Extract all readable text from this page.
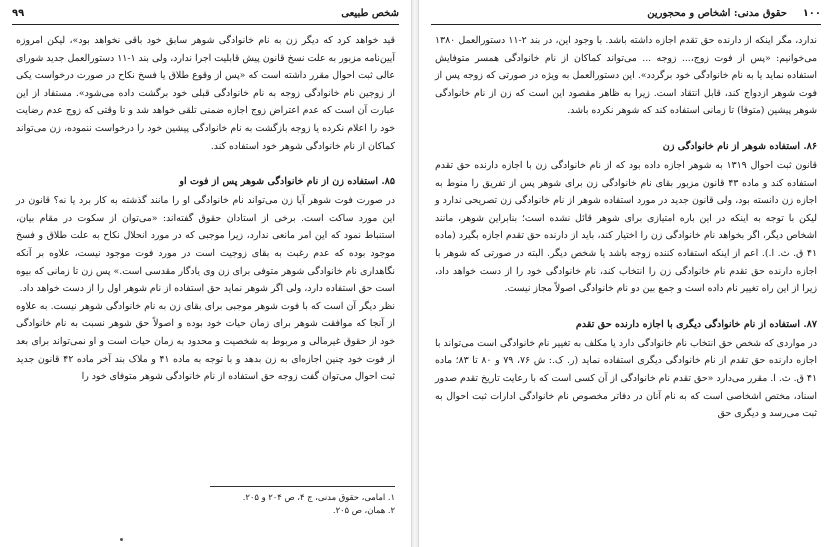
شخص طبیعی
۹۹

قید خواهد کرد که دیگر زن به نام خانوادگی شوهر سابق خود باقی نخواهد بود»، لیکن امروزه آیین‌نامه مزبور به علت نسخ قانون پیش قابلیت اجرا ندارد، ولی بند ۱-۱۱ دستورالعمل جدید شورای عالی ثبت احوال مقرر داشته است که «پس از وقوع طلاق یا فسخ نکاح در صورت درخواست یکی از زوجین نام خانوادگی زوجه به نام خانوادگی قبلی خود برگشت داده می‌شود». مستفاد از این عبارت آن است که عدم اعتراض زوج اجازه ضمنی تلقی خواهد شد و تا وقتی که زوج عدم رضایت خود را اعلام نکرده یا زوجه بازگشت به نام خانوادگی پیشین خود را درخواست ننموده، زن می‌تواند کماکان از نام خانوادگی شوهر خود استفاده کند.

۸۵. استفاده زن از نام خانوادگی شوهر پس از فوت او

در صورت فوت شوهر آیا زن می‌تواند نام خانوادگی او را مانند گذشته به کار برد یا نه؟ قانون در این مورد ساکت است. برخی از استادان حقوق گفته‌اند: «می‌توان از سکوت در مقام بیان، استنباط نمود که این امر مانعی ندارد، زیرا موجبی که در مورد انحلال نکاح به علت طلاق و فسخ موجود بوده که عدم رغبت به بقای زوجیت است در مورد فوت موجود نیست، علاوه بر آنکه نگاهداری نام خانوادگی شوهر متوفی برای زن وی یادگار مقدسی است.» پس زن تا زمانی که بیوه است حق استفاده دارد، ولی اگر شوهر نماید حق استفاده از نام شوهر اول را از دست خواهد داد.

نظر دیگر آن است که با فوت شوهر موجبی برای بقای زن به نام خانوادگی شوهر نیست. به علاوه از آنجا که موافقت شوهر برای زمان حیات خود بوده و اصولاً حق شوهر نسبت به نام خانوادگی خود از حقوق غیرمالی و مربوط به شخصیت و محدود به زمان حیات است و او نمی‌تواند برای بعد از فوت خود چنین اجازه‌ای به زن بدهد و با توجه به ماده ۴۱ و ملاک بند آخر ماده ۴۲ قانون جدید ثبت احوال می‌توان گفت زوجه حق استفاده از نام خانوادگی شوهر متوفای خود را

۱. امامی، حقوق مدنی، ج ۴، ص ۲۰۴ و ۲۰۵.
۲. همان، ص ۲۰۵.
۱۰۰
حقوق مدنی: اشخاص و محجورین

ندارد، مگر اینکه از دارنده حق تقدم اجازه داشته باشد. با وجود این، در بند ۲-۱۱ دستورالعمل ۱۳۸۰ می‌خوانیم: «پس از فوت زوج،... زوجه ... می‌تواند کماکان از نام خانوادگی همسر متوفایش استفاده نماید یا به نام خانوادگی خود برگردد». این دستورالعمل به ویژه در صورتی که زوجه پس از فوت شوهر ازدواج کند، قابل انتقاد است. زیرا به ظاهر مقصود این است که زن از نام خانوادگی شوهر پیشین (متوفا) تا زمانی استفاده کند که شوهر نکرده باشد.

۸۶. استفاده شوهر از نام خانوادگی زن

قانون ثبت احوال ۱۳۱۹ به شوهر اجازه داده بود که از نام خانوادگی زن با اجازه دارنده حق تقدم استفاده کند و ماده ۴۳ قانون مزبور بقای نام خانوادگی زن برای شوهر پس از تفریق را منوط به اجازه زن دانسته بود، ولی قانون جدید در مورد استفاده شوهر از نام خانوادگی زن تصریحی ندارد و لیکن با توجه به اینکه در این باره امتیازی برای شوهر قائل نشده است؛ بنابراین شوهر، مانند اشخاص دیگر، اگر بخواهد نام خانوادگی زن را اختیار کند، باید از دارنده حق تقدم اجازه بگیرد (ماده ۴۱ ق. ث. ا.). اعم از اینکه استفاده کننده زوجه باشد یا شخص دیگر. البته در صورتی که شوهر با اجازه دارنده حق تقدم نام خانوادگی زن را انتخاب کند، نام خانوادگی خود را از دست خواهد داد، زیرا از این راه تغییر نام داده است و جمع بین دو نام خانوادگی اصولاً مجاز نیست.

۸۷. استفاده از نام خانوادگی دیگری با اجازه دارنده حق تقدم

در مواردی که شخص حق انتخاب نام خانوادگی دارد یا مکلف به تغییر نام خانوادگی است می‌تواند با اجازه دارنده حق تقدم از نام خانوادگی دیگری استفاده نماید (ر. ک.: ش ۷۶، ۷۹ و ۸۰ تا ۸۳؛ ماده ۴۱ ق. ث. ا. مقرر می‌دارد «حق تقدم نام خانوادگی از آن کسی است که با رعایت تاریخ تقدم صدور اسناد، مختص اشخاصی است که به نام آنان در دفاتر مخصوص نام خانوادگی ادارات ثبت احوال به ثبت می‌رسد و دیگری حق
